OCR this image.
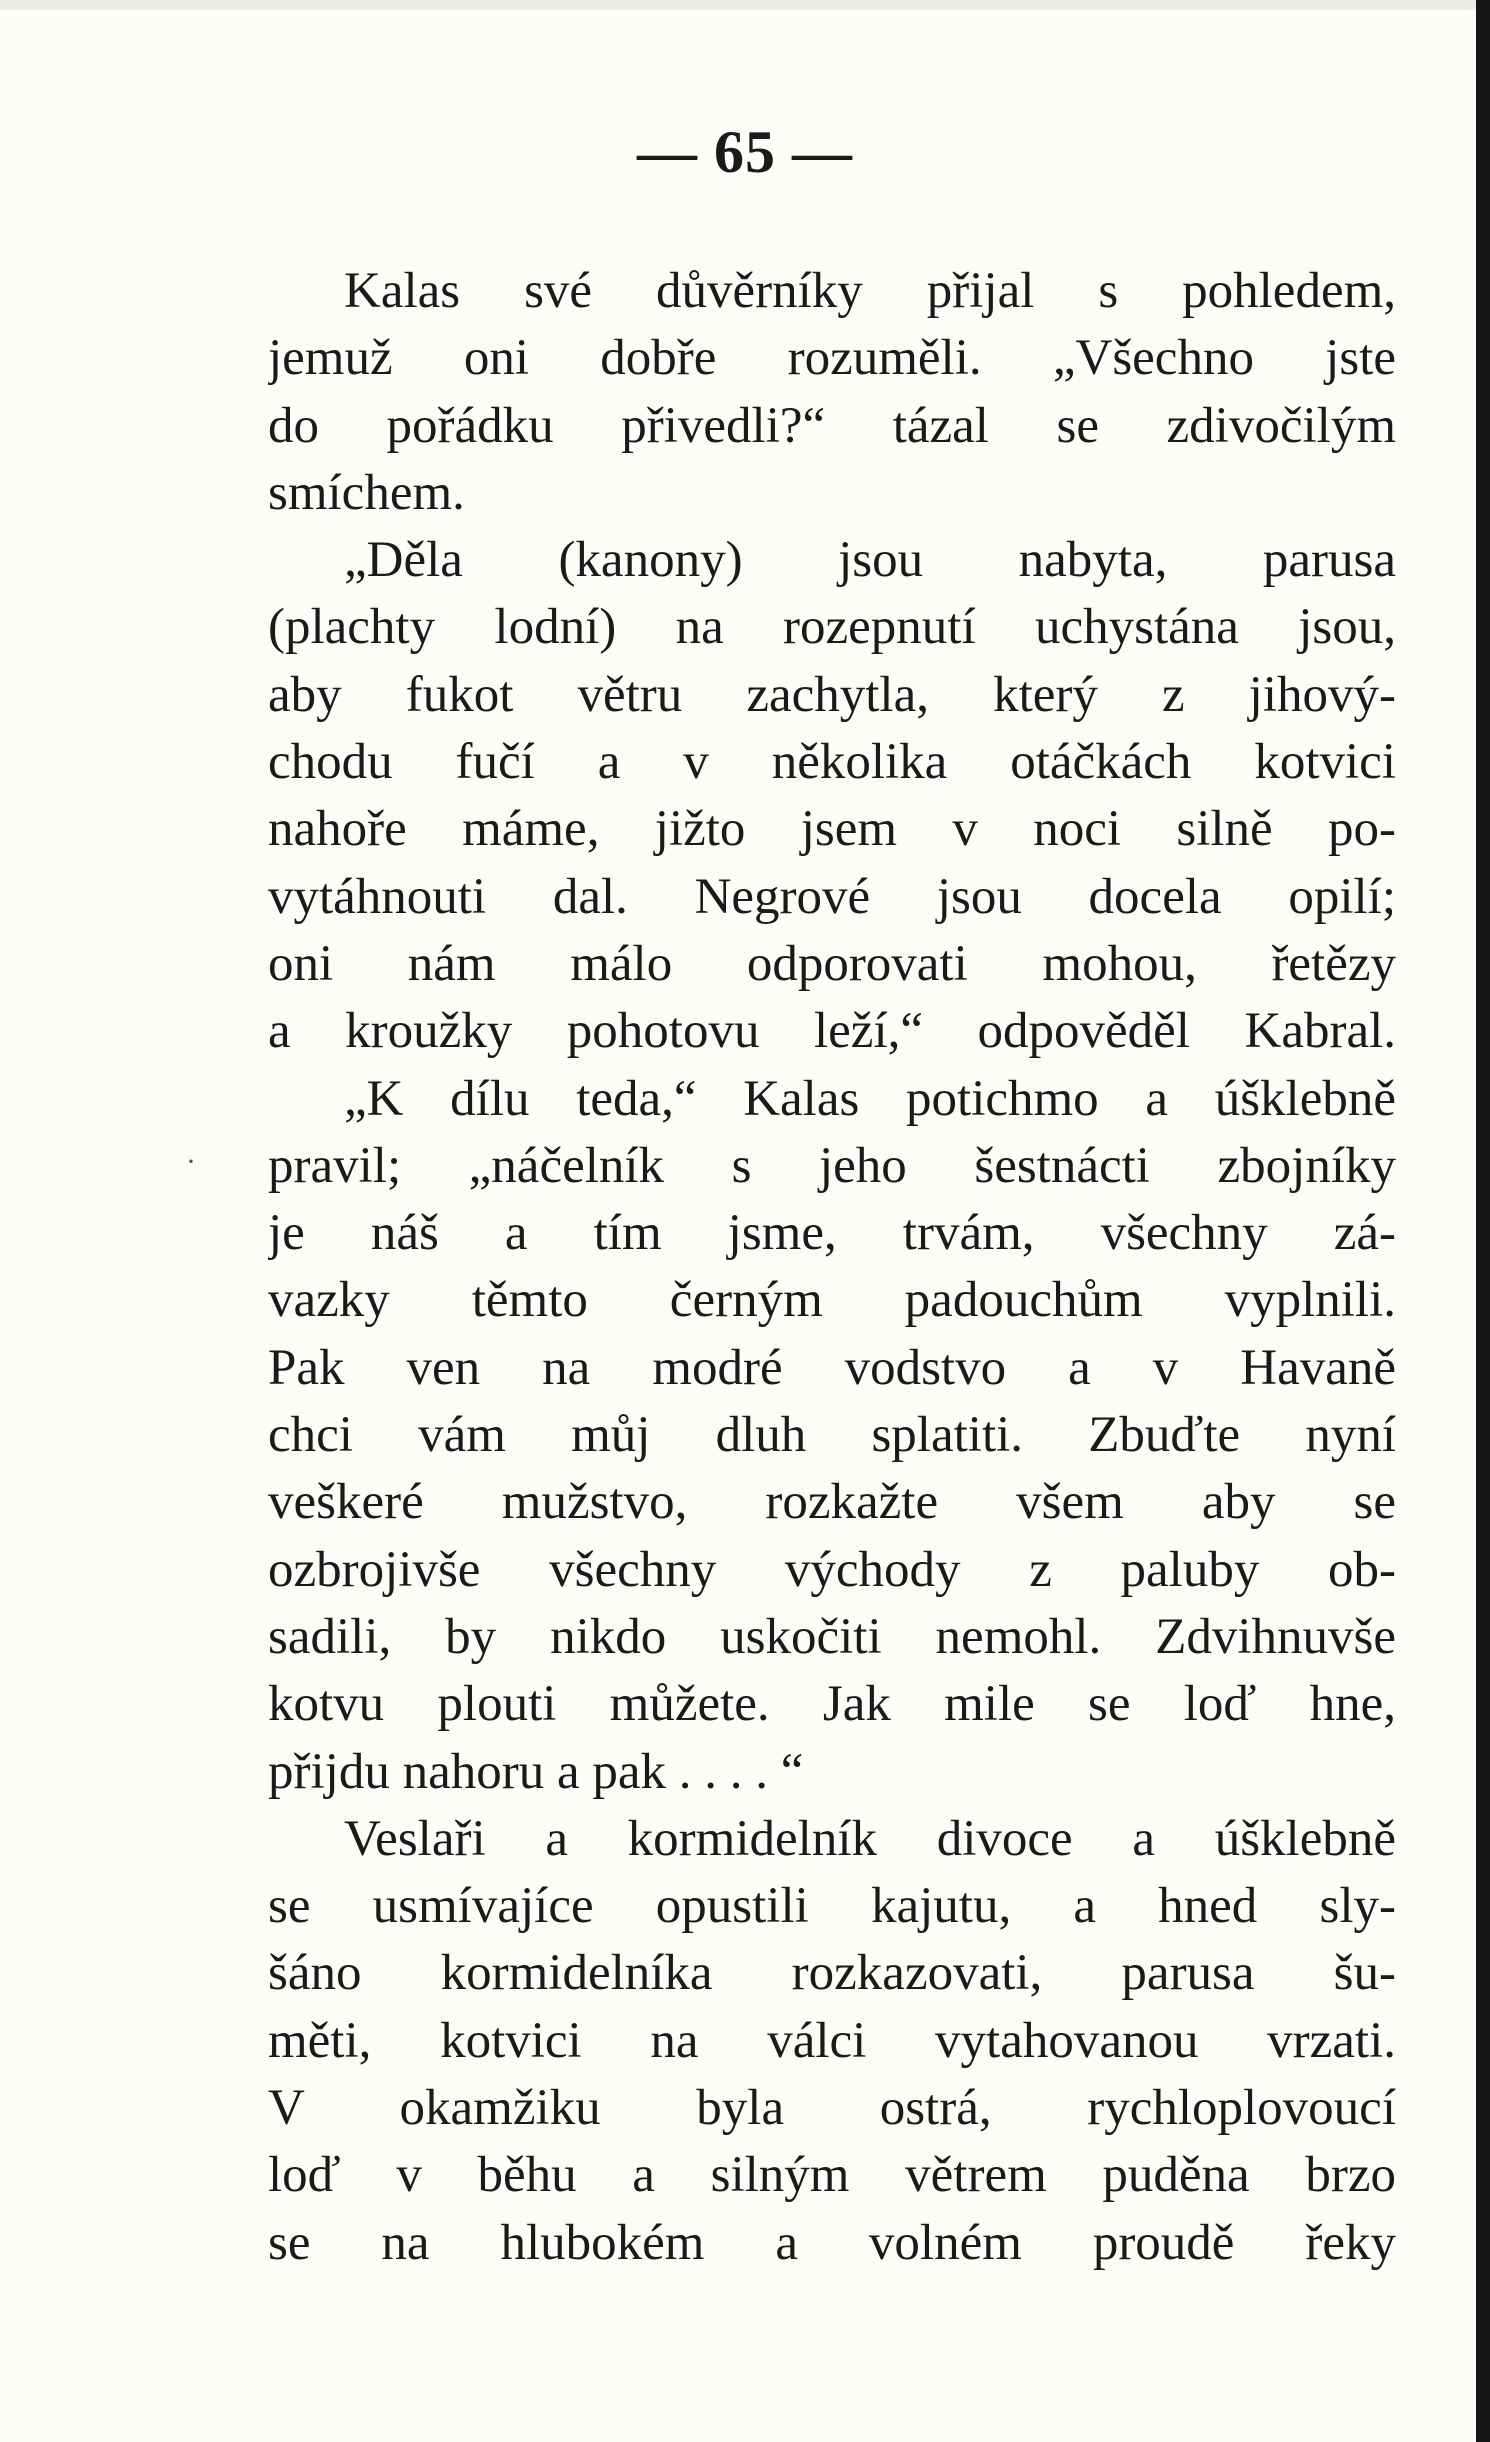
— 65 —

Kalas své důvěrníky přijal s pohledem,
jemuž oni dobře rozuměli. „Všechno jste
do pořádku přivedli?“ tázal se zdivočilým
smíchem.
„Děla (kanony) jsou nabyta, parusa
(plachty lodní) na rozepnutí uchystána jsou,
aby fukot větru zachytla, který z jihový-
chodu fučí a v několika otáčkách kotvici
nahoře máme, jižto jsem v noci silně po-
vytáhnouti dal. Negrové jsou docela opilí;
oni nám málo odporovati mohou, řetězy
a kroužky pohotovu leží,“ odpověděl Kabral.
„K dílu teda,“ Kalas potichmo a úšklebně
pravil; „náčelník s jeho šestnácti zbojníky
je náš a tím jsme, trvám, všechny zá-
vazky těmto černým padouchům vyplnili.
Pak ven na modré vodstvo a v Havaně
chci vám můj dluh splatiti. Zbuďte nyní
veškeré mužstvo, rozkažte všem aby se
ozbrojivše všechny východy z paluby ob-
sadili, by nikdo uskočiti nemohl. Zdvihnuvše
kotvu plouti můžete. Jak mile se loď hne,
přijdu nahoru a pak . . . . “
Veslaři a kormidelník divoce a úšklebně
se usmívajíce opustili kajutu, a hned sly-
šáno kormidelníka rozkazovati, parusa šu-
měti, kotvici na válci vytahovanou vrzati.
V okamžiku byla ostrá, rychloplovoucí
loď v běhu a silným větrem puděna brzo
se na hlubokém a volném proudě řeky
·
